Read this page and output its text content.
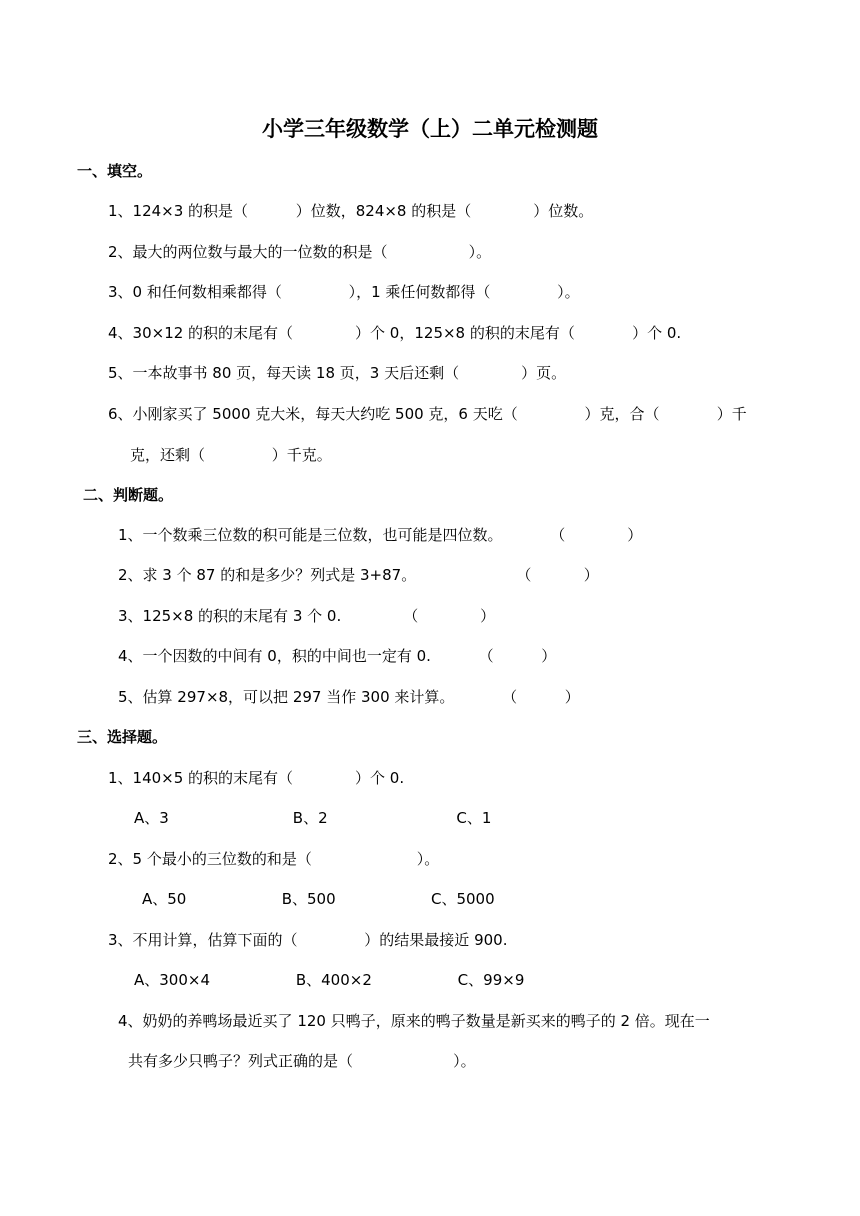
小学三年级数学（上）二单元检测题
一、填空。
1、124×3 的积是（          ）位数，824×8 的积是（             ）位数。
2、最大的两位数与最大的一位数的积是（                 ）。
3、0 和任何数相乘都得（              ），1 乘任何数都得（              ）。
4、30×12 的积的末尾有（             ）个 0，125×8 的积的末尾有（            ）个 0.
5、一本故事书 80 页，每天读 18 页，3 天后还剩（             ）页。
6、小刚家买了 5000 克大米，每天大约吃 500 克，6 天吃（              ）克，合（            ）千
克，还剩（              ）千克。
二、判断题。
1、一个数乘三位数的积可能是三位数，也可能是四位数。          （             ）
2、求 3 个 87 的和是多少？列式是 3+87。                     （           ）
3、125×8 的积的末尾有 3 个 0.             （             ）
4、一个因数的中间有 0，积的中间也一定有 0.          （          ）
5、估算 297×8，可以把 297 当作 300 来计算。          （          ）
三、选择题。
1、140×5 的积的末尾有（             ）个 0.
A、3                          B、2                           C、1
2、5 个最小的三位数的和是（                      ）。
A、50                    B、500                    C、5000
3、不用计算，估算下面的（              ）的结果最接近 900.
A、300×4                  B、400×2                  C、99×9
4、奶奶的养鸭场最近买了 120 只鸭子，原来的鸭子数量是新买来的鸭子的 2 倍。现在一
共有多少只鸭子？列式正确的是（                     ）。
